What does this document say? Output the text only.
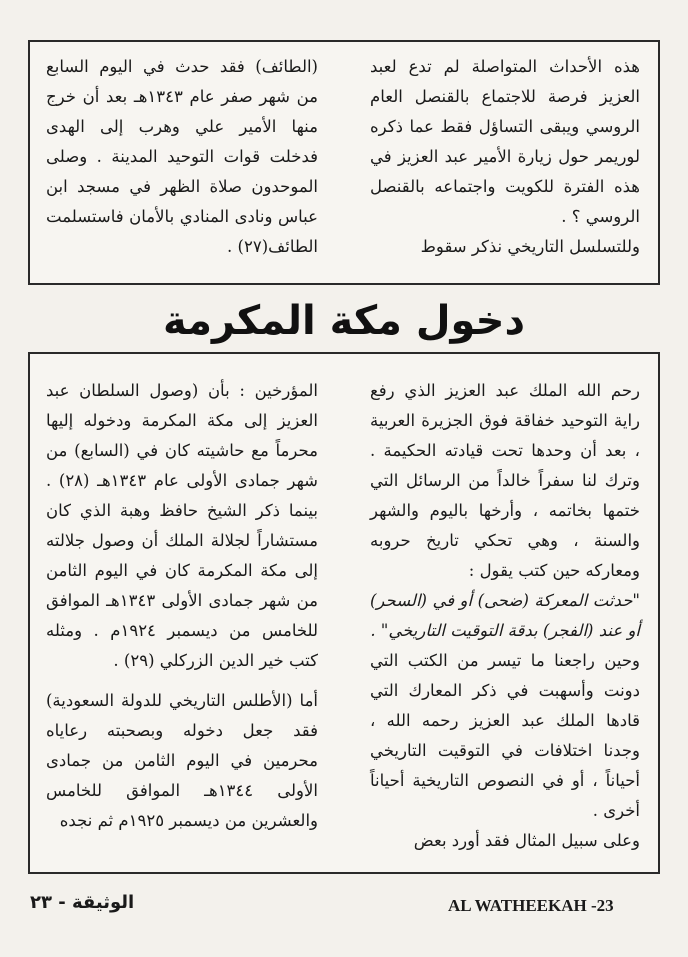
هذه الأحداث المتواصلة لم تدع لعبد العزيز فرصة للاجتماع بالقنصل العام الروسي ويبقى التساؤل فقط عما ذكره لوريمر حول زيارة الأمير عبد العزيز في هذه الفترة للكويت واجتماعه بالقنصل الروسي ؟ .

وللتسلسل التاريخي نذكر سقوط

(الطائف) فقد حدث في اليوم السابع من شهر صفر عام ١٣٤٣هـ بعد أن خرج منها الأمير علي وهرب إلى الهدى فدخلت قوات التوحيد المدينة . وصلى الموحدون صلاة الظهر في مسجد ابن عباس ونادى المنادي بالأمان فاستسلمت الطائف(٢٧) .

دخول مكة المكرمة

رحم الله الملك عبد العزيز الذي رفع راية التوحيد خفاقة فوق الجزيرة العربية ، بعد أن وحدها تحت قيادته الحكيمة . وترك لنا سفراً خالداً من الرسائل التي ختمها بخاتمه ، وأرخها باليوم والشهر والسنة ، وهي تحكي تاريخ حروبه ومعاركه حين كتب يقول :

"حدثت المعركة (ضحى) أو في (السحر) أو عند (الفجر) بدقة التوقيت التاريخي" .

وحين راجعنا ما تيسر من الكتب التي دونت وأسهبت في ذكر المعارك التي قادها الملك عبد العزيز رحمه الله ، وجدنا اختلافات في التوقيت التاريخي أحياناً ، أو في النصوص التاريخية أحياناً أخرى .

وعلى سبيل المثال فقد أورد بعض

المؤرخين : بأن (وصول السلطان عبد العزيز إلى مكة المكرمة ودخوله إليها محرماً مع حاشيته كان في (السابع) من شهر جمادى الأولى عام ١٣٤٣هـ (٢٨) . بينما ذكر الشيخ حافظ وهبة الذي كان مستشاراً لجلالة الملك أن وصول جلالته إلى مكة المكرمة كان في اليوم الثامن من شهر جمادى الأولى ١٣٤٣هـ الموافق للخامس من ديسمبر ١٩٢٤م . ومثله كتب خير الدين الزركلي (٢٩) .

أما (الأطلس التاريخي للدولة السعودية) فقد جعل دخوله وبصحبته رعاياه محرمين في اليوم الثامن من جمادى الأولى ١٣٤٤هـ الموافق للخامس والعشرين من ديسمبر ١٩٢٥م ثم نجده

AL WATHEEKAH -23
الوثيقة - ٢٣
